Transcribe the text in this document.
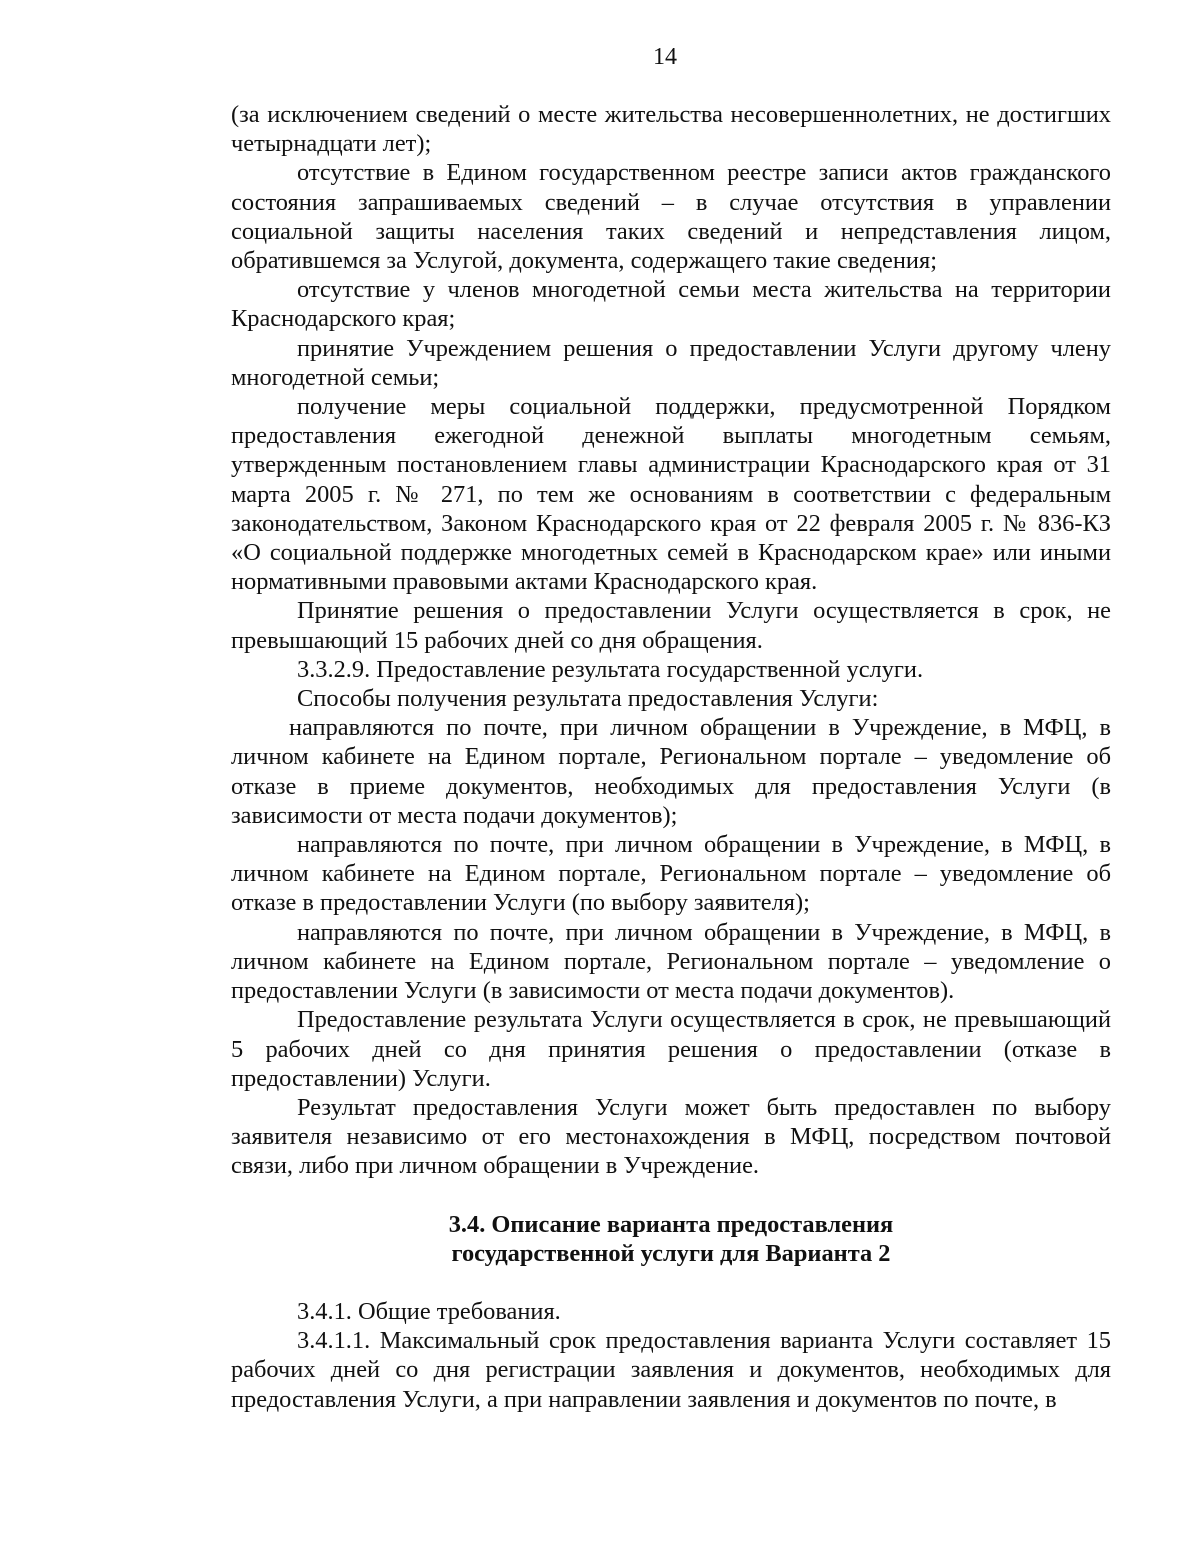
14

(за исключением сведений о месте жительства несовершеннолетних, не достигших четырнадцати лет);

отсутствие в Едином государственном реестре записи актов гражданского состояния запрашиваемых сведений – в случае отсутствия в управлении социальной защиты населения таких сведений и непредставления лицом, обратившемся за Услугой, документа, содержащего такие сведения;

отсутствие у членов многодетной семьи места жительства на территории Краснодарского края;

принятие Учреждением решения о предоставлении Услуги другому члену многодетной семьи;

получение меры социальной поддержки, предусмотренной Порядком предоставления ежегодной денежной выплаты многодетным семьям, утвержденным постановлением главы администрации Краснодарского края от 31 марта 2005 г. № 271, по тем же основаниям в соответствии с федеральным законодательством, Законом Краснодарского края от 22 февраля 2005 г. № 836-КЗ «О социальной поддержке многодетных семей в Краснодарском крае» или иными нормативными правовыми актами Краснодарского края.

Принятие решения о предоставлении Услуги осуществляется в срок, не превышающий 15 рабочих дней со дня обращения.

3.3.2.9. Предоставление результата государственной услуги.

Способы получения результата предоставления Услуги:

направляются по почте, при личном обращении в Учреждение, в МФЦ, в личном кабинете на Едином портале, Региональном портале – уведомление об отказе в приеме документов, необходимых для предоставления Услуги (в зависимости от места подачи документов);

направляются по почте, при личном обращении в Учреждение, в МФЦ, в личном кабинете на Едином портале, Региональном портале – уведомление об отказе в предоставлении Услуги (по выбору заявителя);

направляются по почте, при личном обращении в Учреждение, в МФЦ, в личном кабинете на Едином портале, Региональном портале – уведомление о предоставлении Услуги (в зависимости от места подачи документов).

Предоставление результата Услуги осуществляется в срок, не превышающий 5 рабочих дней со дня принятия решения о предоставлении (отказе в предоставлении) Услуги.

Результат предоставления Услуги может быть предоставлен по выбору заявителя независимо от его местонахождения в МФЦ, посредством почтовой связи, либо при личном обращении в Учреждение.

3.4. Описание варианта предоставления
государственной услуги для Варианта 2

3.4.1. Общие требования.

3.4.1.1. Максимальный срок предоставления варианта Услуги составляет 15 рабочих дней со дня регистрации заявления и документов, необходимых для предоставления Услуги, а при направлении заявления и документов по почте, в
